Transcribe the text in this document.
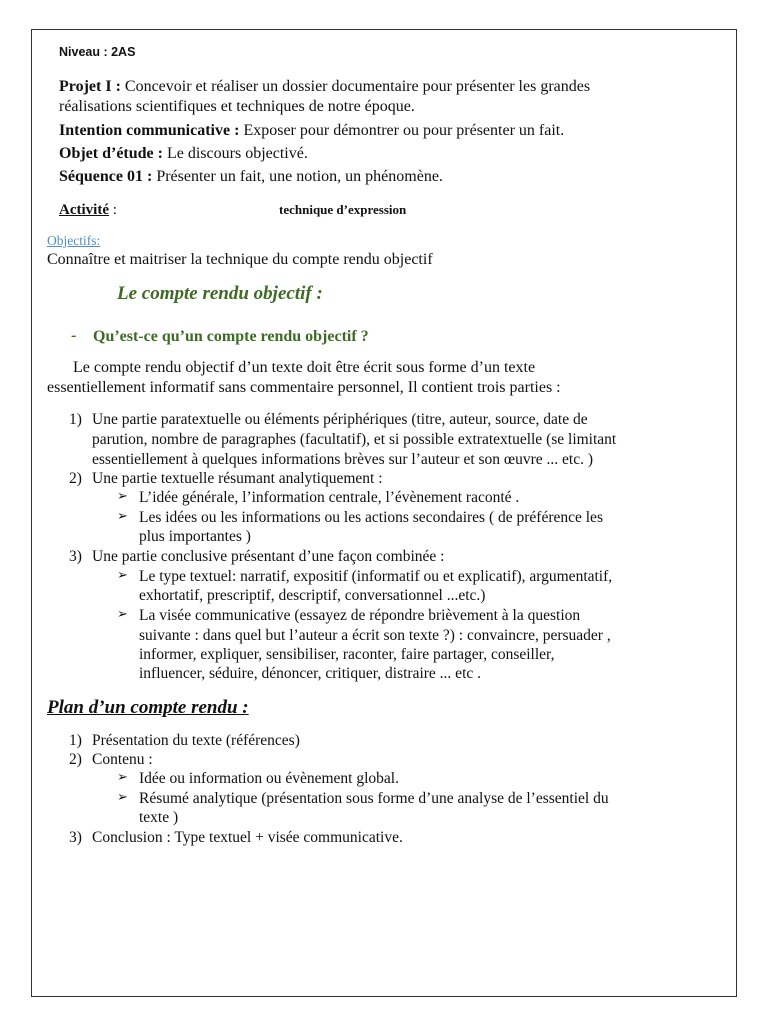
Niveau : 2AS

Projet I : Concevoir et réaliser un dossier documentaire pour présenter les grandes

réalisations scientifiques et techniques de notre époque.

Intention communicative : Exposer pour démontrer ou pour présenter un fait.

Objet d’étude : Le discours objectivé.

Séquence 01 : Présenter un fait, une notion, un phénomène.

Activité :	technique d’expression

Objectifs:

Connaître et maitriser la technique du compte rendu objectif

Le compte rendu objectif :

- Qu’est-ce qu’un compte rendu objectif ?

Le compte rendu objectif d’un texte doit être écrit sous forme d’un texte

essentiellement informatif sans commentaire personnel, Il contient trois parties :

1) Une partie paratextuelle ou éléments périphériques (titre, auteur, source, date de

parution, nombre de paragraphes (facultatif), et si possible extratextuelle (se limitant

essentiellement à quelques informations brèves sur l’auteur et son œuvre ... etc. )

2) Une partie textuelle résumant analytiquement :

➢ L’idée générale, l’information centrale, l’évènement raconté .

➢ Les idées ou les informations ou les actions secondaires ( de préférence les

plus importantes )

3) Une partie conclusive présentant d’une façon combinée :

➢ Le type textuel: narratif, expositif (informatif ou et explicatif), argumentatif,

exhortatif, prescriptif, descriptif, conversationnel ...etc.)

➢ La visée communicative (essayez de répondre brièvement à la question

suivante : dans quel but l’auteur a écrit son texte ?) : convaincre, persuader ,

informer, expliquer, sensibiliser, raconter, faire partager, conseiller,

influencer, séduire, dénoncer, critiquer, distraire ... etc .

Plan d’un compte rendu :

1) Présentation du texte (références)

2) Contenu :

➢ Idée ou information ou évènement global.

➢ Résumé analytique (présentation sous forme d’une analyse de l’essentiel du

texte )

3) Conclusion : Type textuel + visée communicative.
